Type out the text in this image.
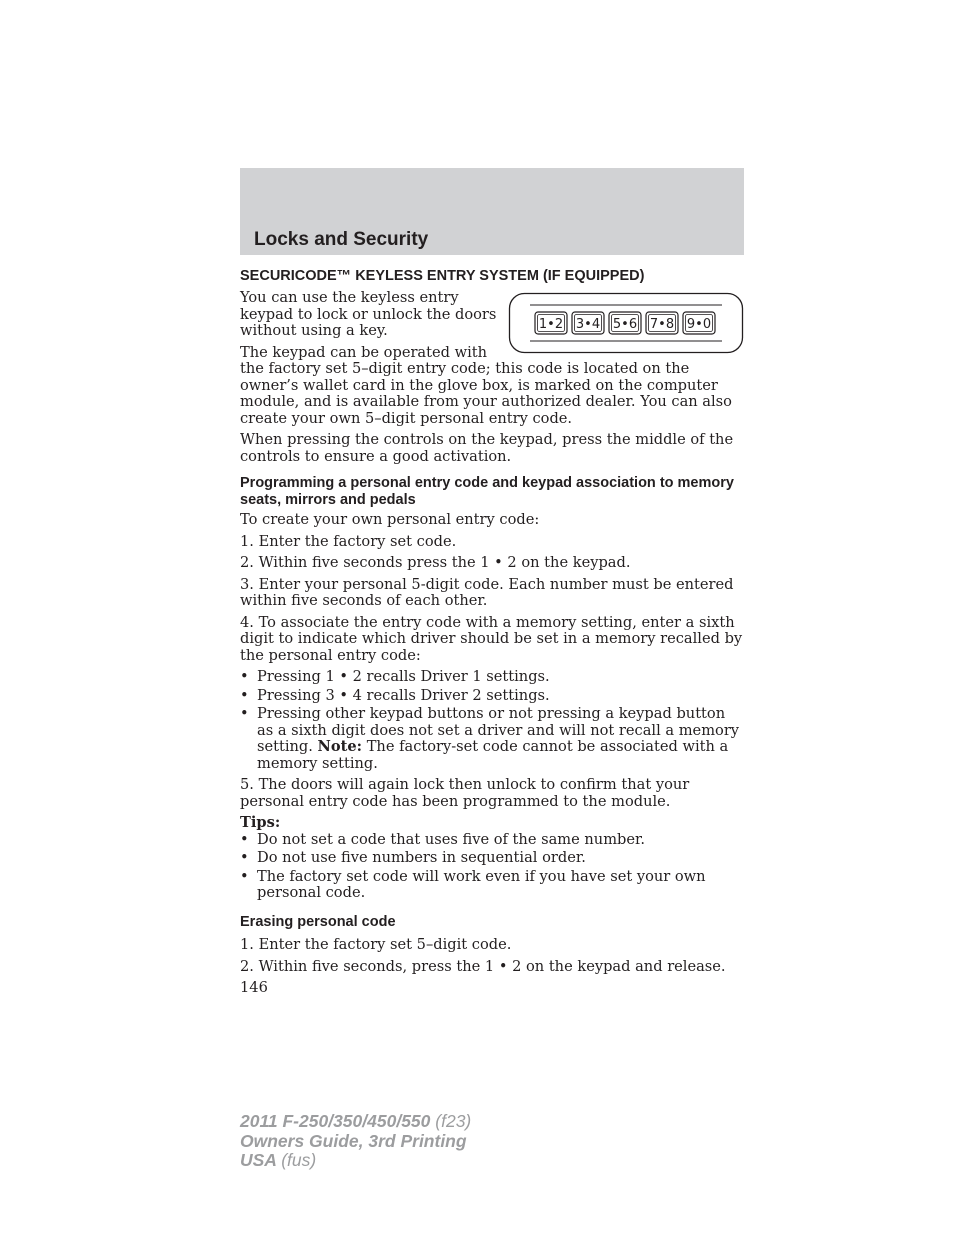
Locks and Security
SECURICODE™ KEYLESS ENTRY SYSTEM (IF EQUIPPED)
1•2 3•4 5•6 7•8 9•0

You can use the keyless entry keypad to lock or unlock the doors without using a key.

The keypad can be operated with the factory set 5–digit entry code; this code is located on the owner’s wallet card in the glove box, is marked on the computer module, and is available from your authorized dealer. You can also create your own 5–digit personal entry code.

When pressing the controls on the keypad, press the middle of the controls to ensure a good activation.

Programming a personal entry code and keypad association to memory seats, mirrors and pedals

To create your own personal entry code:

1. Enter the factory set code.

2. Within five seconds press the 1 • 2 on the keypad.

3. Enter your personal 5-digit code. Each number must be entered within five seconds of each other.

4. To associate the entry code with a memory setting, enter a sixth digit to indicate which driver should be set in a memory recalled by the personal entry code:

• Pressing 1 • 2 recalls Driver 1 settings.
• Pressing 3 • 4 recalls Driver 2 settings.
• Pressing other keypad buttons or not pressing a keypad button as a sixth digit does not set a driver and will not recall a memory setting. Note: The factory-set code cannot be associated with a memory setting.

5. The doors will again lock then unlock to confirm that your personal entry code has been programmed to the module.

Tips:
• Do not set a code that uses five of the same number.
• Do not use five numbers in sequential order.
• The factory set code will work even if you have set your own personal code.
Erasing personal code

1. Enter the factory set 5–digit code.

2. Within five seconds, press the 1 • 2 on the keypad and release.

146
2011 F-250/350/450/550 (f23)
Owners Guide, 3rd Printing
USA (fus)
